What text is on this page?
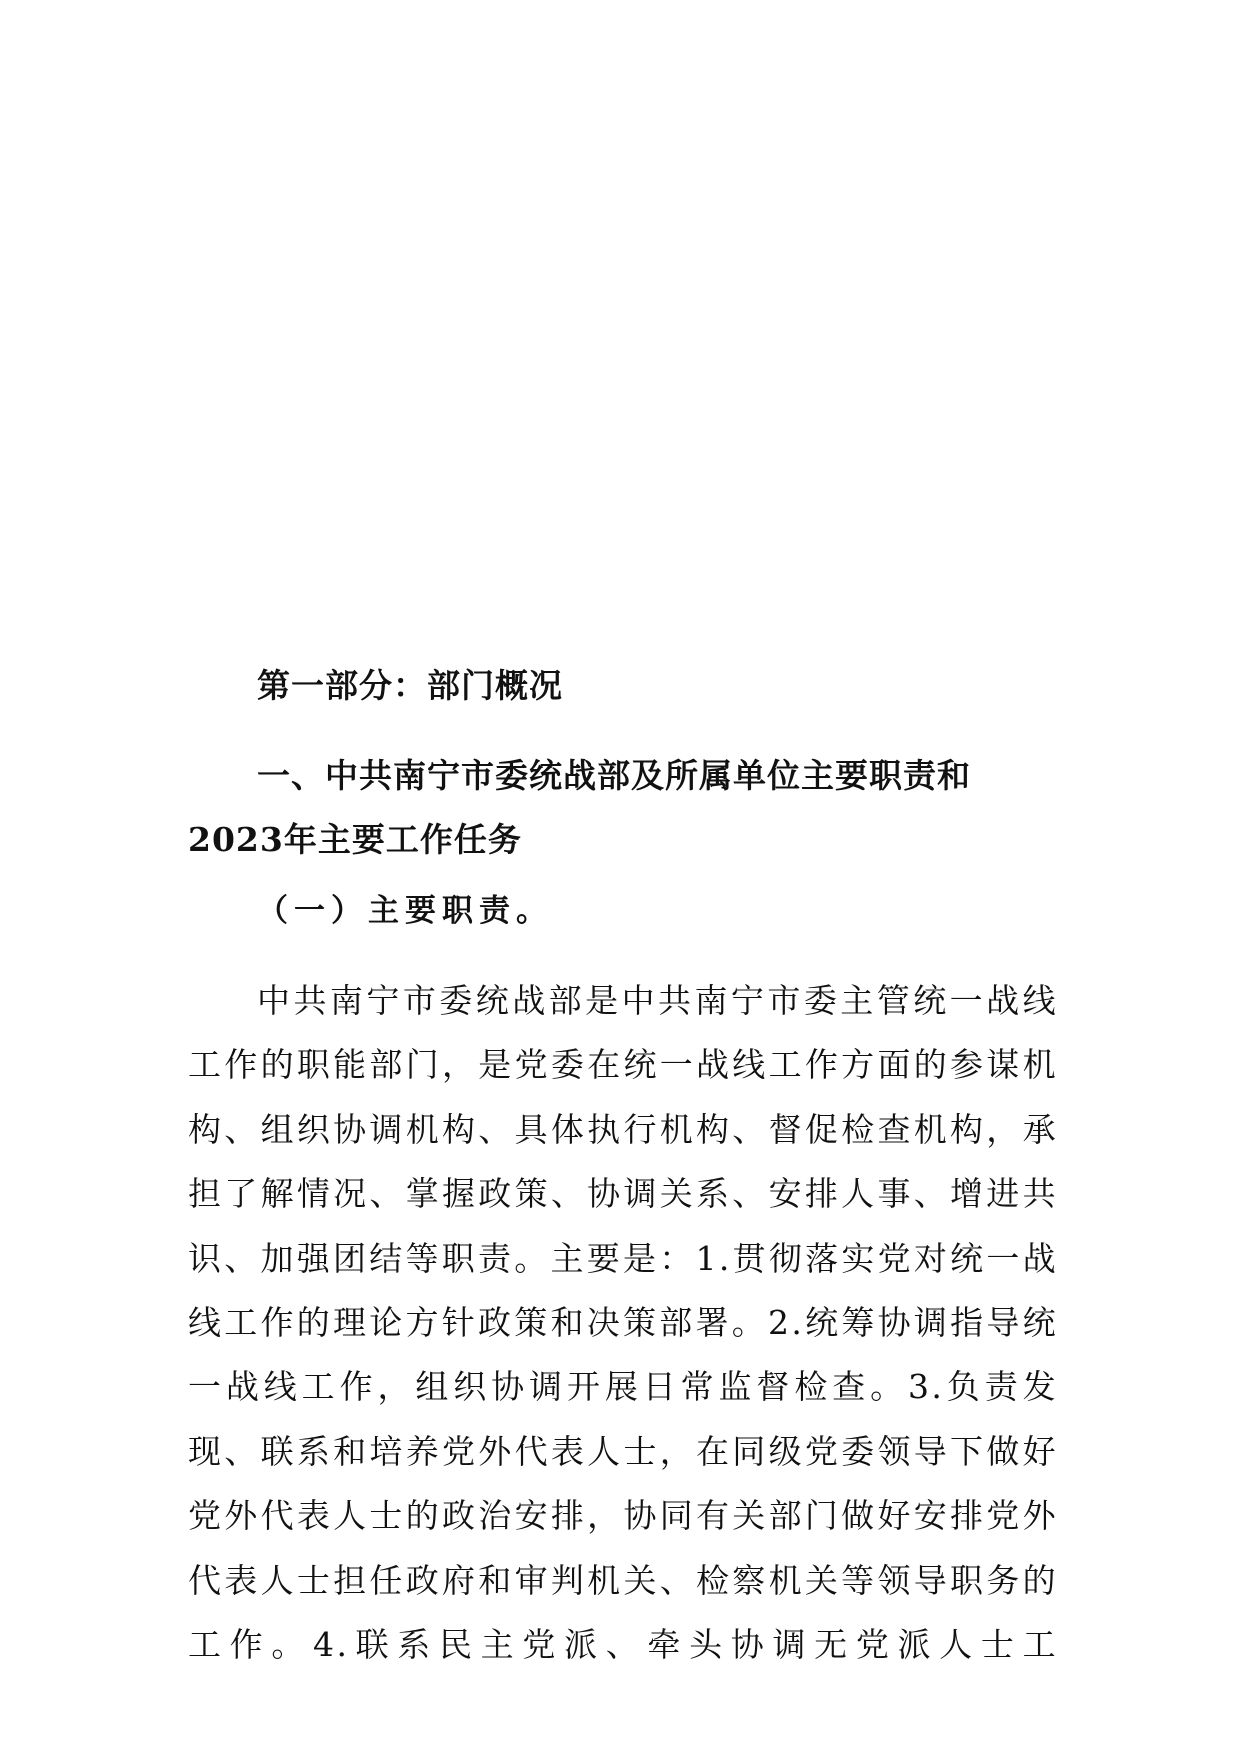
第一部分：部门概况

一、中共南宁市委统战部及所属单位主要职责和2023年主要工作任务

（一）主要职责。

中共南宁市委统战部是中共南宁市委主管统一战线工作的职能部门，是党委在统一战线工作方面的参谋机构、组织协调机构、具体执行机构、督促检查机构，承担了解情况、掌握政策、协调关系、安排人事、增进共识、加强团结等职责。主要是：1.贯彻落实党对统一战线工作的理论方针政策和决策部署。2.统筹协调指导统一战线工作，组织协调开展日常监督检查。3.负责发现、联系和培养党外代表人士，在同级党委领导下做好党外代表人士的政治安排，协同有关部门做好安排党外代表人士担任政府和审判机关、检察机关等领导职务的工作。4.联系民主党派、牵头协调无党派人士工
